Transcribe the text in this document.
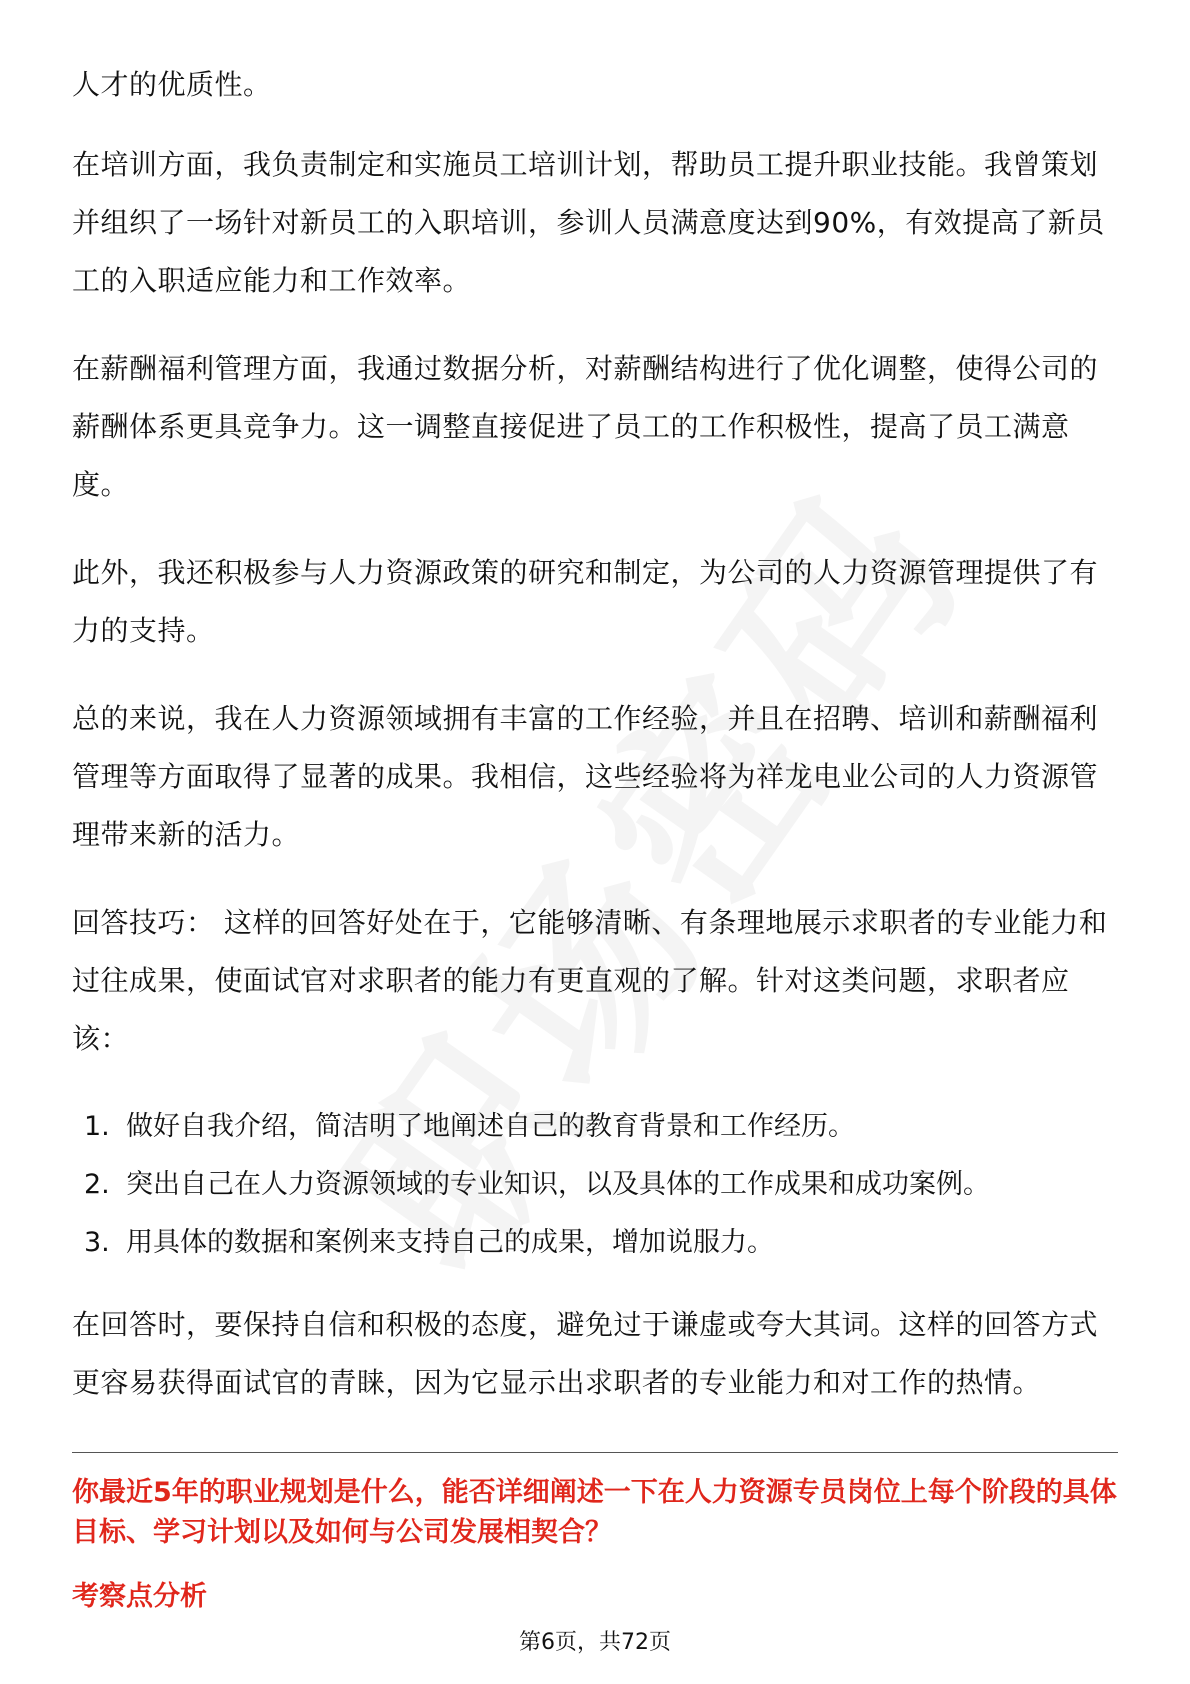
人才的优质性。

在培训方面，我负责制定和实施员工培训计划，帮助员工提升职业技能。我曾策划并组织了一场针对新员工的入职培训，参训人员满意度达到90%，有效提高了新员工的入职适应能力和工作效率。

在薪酬福利管理方面，我通过数据分析，对薪酬结构进行了优化调整，使得公司的薪酬体系更具竞争力。这一调整直接促进了员工的工作积极性，提高了员工满意度。

此外，我还积极参与人力资源政策的研究和制定，为公司的人力资源管理提供了有力的支持。

总的来说，我在人力资源领域拥有丰富的工作经验，并且在招聘、培训和薪酬福利管理等方面取得了显著的成果。我相信，这些经验将为祥龙电业公司的人力资源管理带来新的活力。

回答技巧： 这样的回答好处在于，它能够清晰、有条理地展示求职者的专业能力和过往成果，使面试官对求职者的能力有更直观的了解。针对这类问题，求职者应该：

1. 做好自我介绍，简洁明了地阐述自己的教育背景和工作经历。
2. 突出自己在人力资源领域的专业知识，以及具体的工作成果和成功案例。
3. 用具体的数据和案例来支持自己的成果，增加说服力。

在回答时，要保持自信和积极的态度，避免过于谦虚或夸大其词。这样的回答方式更容易获得面试官的青睐，因为它显示出求职者的专业能力和对工作的热情。

你最近5年的职业规划是什么，能否详细阐述一下在人力资源专员岗位上每个阶段的具体目标、学习计划以及如何与公司发展相契合？

考察点分析

第6页，共72页
